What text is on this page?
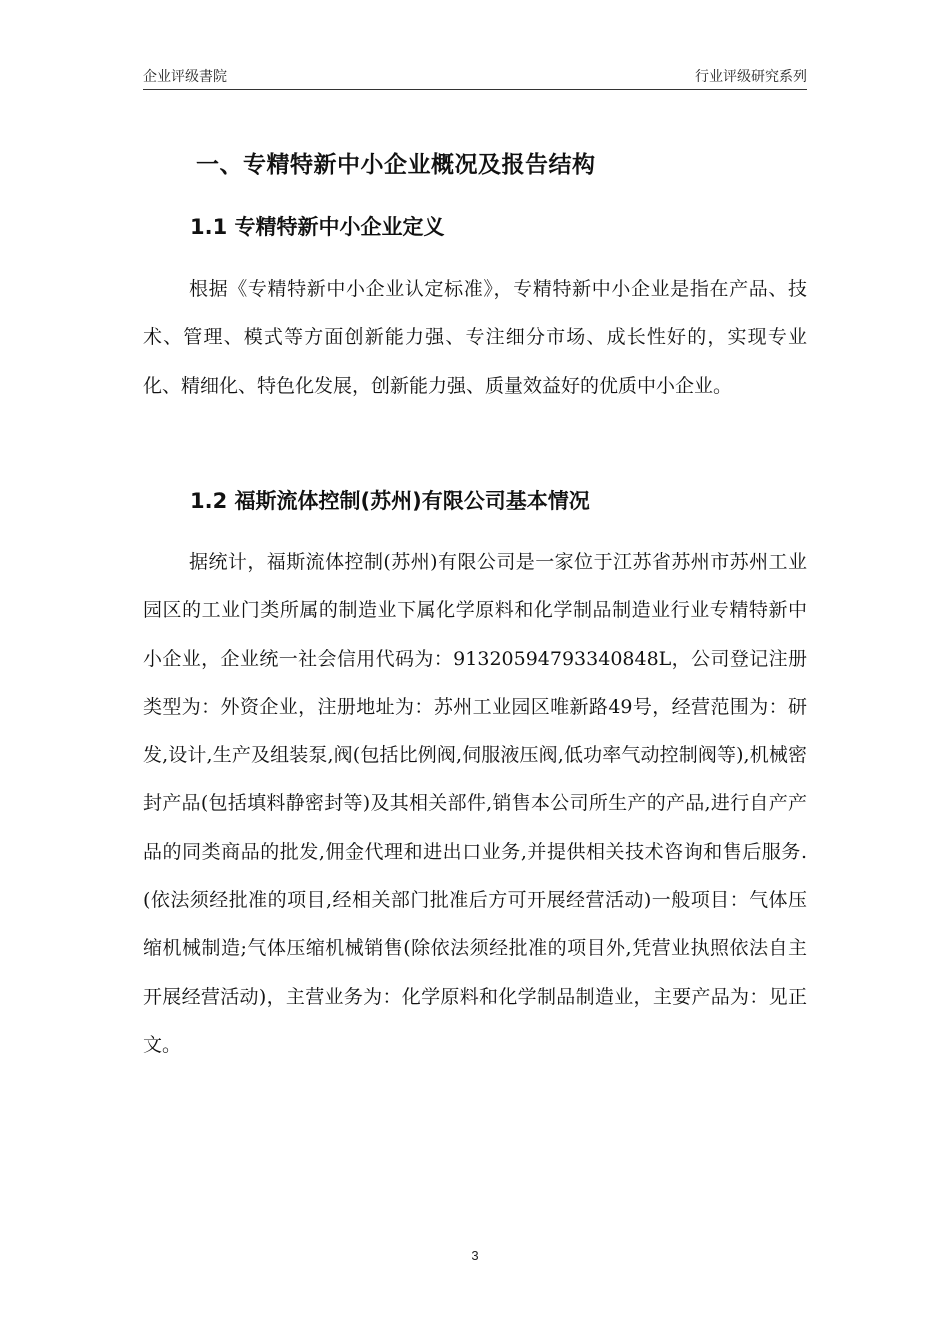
企业评级書院	行业评级研究系列
一、专精特新中小企业概况及报告结构
1.1 专精特新中小企业定义
根据《专精特新中小企业认定标准》，专精特新中小企业是指在产品、技术、管理、模式等方面创新能力强、专注细分市场、成长性好的，实现专业化、精细化、特色化发展，创新能力强、质量效益好的优质中小企业。
1.2 福斯流体控制(苏州)有限公司基本情况
据统计，福斯流体控制(苏州)有限公司是一家位于江苏省苏州市苏州工业园区的工业门类所属的制造业下属化学原料和化学制品制造业行业专精特新中小企业，企业统一社会信用代码为：91320594793340848L，公司登记注册类型为：外资企业，注册地址为：苏州工业园区唯新路49号，经营范围为：研发,设计,生产及组装泵,阀(包括比例阀,伺服液压阀,低功率气动控制阀等),机械密封产品(包括填料静密封等)及其相关部件,销售本公司所生产的产品,进行自产产品的同类商品的批发,佣金代理和进出口业务,并提供相关技术咨询和售后服务.(依法须经批准的项目,经相关部门批准后方可开展经营活动)一般项目：气体压缩机械制造;气体压缩机械销售(除依法须经批准的项目外,凭营业执照依法自主开展经营活动)，主营业务为：化学原料和化学制品制造业，主要产品为：见正文。
3
